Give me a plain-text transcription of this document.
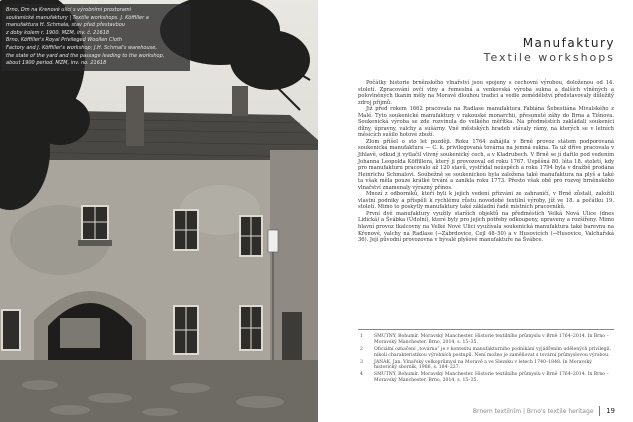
Brno, Dm na Krenové ulici s výrobními prostorami

soukenické manufaktury | Textile workshops. J. Köffiller a

manufaktura H. Schmala, stav před přestavbou

z doby kolem r. 1900. MZM, inv. č. 21618

Brno, Köffiller's Royal Privileged Woollen Cloth

Factory and J. Köffiller's workshop; J.H. Schmal's warehouse,

the state of the yard and the passage leading to the workshop,

about 1900 period. MZM, inv. no. 21618

Manufaktury
Textile workshops

Počátky historie brněnského vlnařství jsou spojeny s cechovní výrobou, doloženou od 14. století. Zpracování ovčí vlny a řemeslná a venkovská výroba sukna a dalších vlněných a polovlněných tkanin měly na Moravě dlouhou tradici a vedle zemědělství představovaly důležitý zdroj příjmů.

Již před rokem 1662 pracovala na Radlase manufaktura Fabiána Šebestiána Mivalského z Malé. Tyto soukenické manufaktury v rakouské monarchii, přesunuté záhy do Brna a Tišnova. Soukenická výroba se zde rozvinula do velkého měřítka. Na předměstích zakládali soukeníci dílny, úpravny, valchy a sušárny. Vně městských hradeb stávaly rámy, na kterých se v letních měsících sušilo hotové zboží.

Zlom přišel o sto let později. Roku 1764 zahájila v Brně provoz státem podporovaná soukenická manufaktura — C. k. privilegovaná továrna na jemná sukna. Ta už dříve pracovala v Jihlavě, odkud ji vytlačil vlivný soukenický cech, a v Kladrubech. V Brně se jí dařilo pod vedením Johanna Leopolda Köffillera, který ji provozoval od roku 1767. Úspěšná 80. léta 18. století, kdy pro manufakturu pracovalo až 120 stavů, vystřídal neúspěch a roku 1794 byla v dražbě prodána Heinrichu Schmalovi. Soubežně se soukenickou byla založena také manufaktura na plyš a také ta však měla pouze krátké trvání a zanikla roku 1773. Přesto však obě pro rozvoj brněnského vlnařství znamenaly výrazný přínos.

Mnozí z odborníků, kteří byli k jejich vedení přizváni ze zahraničí, v Brně zůstali, založili vlastní podniky a přispěli k rychlému růstu novodobé textilní výroby, jíž ve 18. a počátku 19. století. Mimo to poskytly manufaktury také základní řadě místních pracovníků.

První dvě manufaktury využily starších objektů na předměstích Velká Nová Ulice (dnes Lidická) a Švábka (Údolní), které byly pro jejich potřeby odkoupeny, upraveny a rozšířeny. Mimo hlavní provoz tkalcovny na Velké Nové Ulici využívala soukenická manufaktura také barevnu na Křenové, valchy na Radlase (→Zábrdovice, Cejl 48–50) a v Husovicích (→Husovice, Valchařská 36). Její původní provozovna v bývalé plyšové manufaktuře na Švábce.

1 SMUTNÝ, Bohumír. Moravský Manchester. Historie textilního průmyslu v Brně 1764–2014. In Brno – Moravský Manchester. Brno, 2014, s. 15–35.
2 Oficiální označení „továrna“ je v kontextu manufakturního podnikání vyjádřením udělených privilegií, nikoli charakteristikou výrobních postupů. Není možno je zaměňovat s tovární průmyslovou výrobou.
3 JANÁK, Jan. Vlnařský velkoprůmysl na Moravě a ve Slezsku v letech 1740–1848. In Moravský historický sborník, 1986, s. 184–227.
4 SMUTNÝ, Bohumír. Moravský Manchester. Historie textilního průmyslu v Brně 1764–2014. In Brno – Moravský Manchester. Brno, 2014, s. 15–35.
Brnem textilním | Brno's textile heritage 19
